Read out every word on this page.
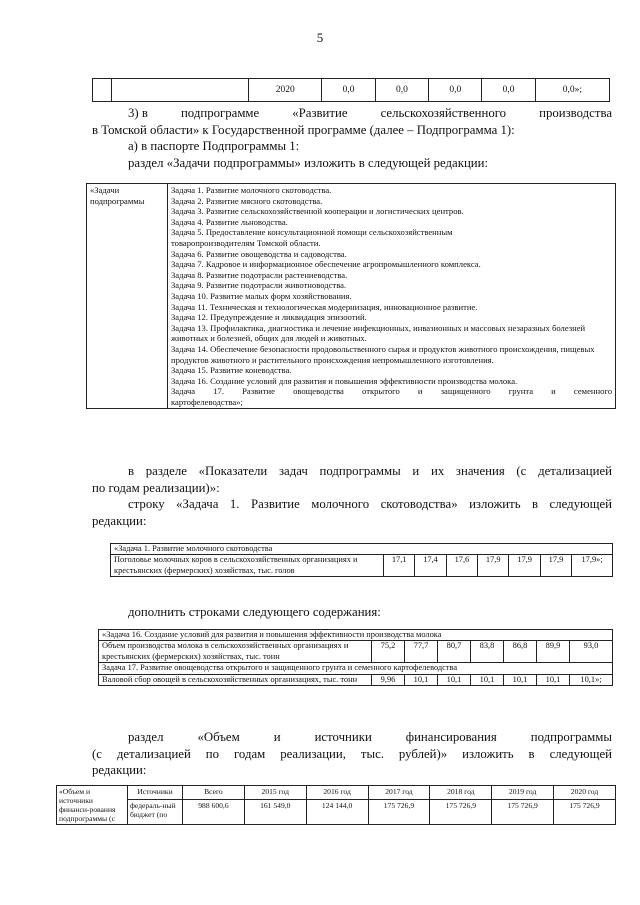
5
		2020	0,0	0,0	0,0	0,0	0,0»;
3) в	подпрограмме	«Развитие	сельскохозяйственного	производства
в Томской области» к Государственной программе (далее – Подпрограмма 1):
а) в паспорте Подпрограммы 1:
раздел «Задачи подпрограммы» изложить в следующей редакции:
«Задачи подпрограммы	
Задача 1. Развитие молочного скотоводства.
Задача 2. Развитие мясного скотоводства.
Задача 3. Развитие сельскохозяйственной кооперации и логистических центров.
Задача 4. Развитие льноводства.
Задача 5. Предоставление консультационной помощи сельскохозяйственным товаропроизводителям Томской области.
Задача 6. Развитие овощеводства и садоводства.
Задача 7. Кадровое и информационное обеспечение агропромышленного комплекса.
Задача 8. Развитие подотрасли растениеводства.
Задача 9. Развитие подотрасли животноводства.
Задача 10. Развитие малых форм хозяйствования.
Задача 11. Техническая и технологическая модернизация, инновационное развитие.
Задача 12. Предупреждение и ликвидация эпизоотий.
Задача 13. Профилактика, диагностика и лечение инфекционных, инвазионных и массовых незаразных болезней животных и болезней, общих для людей и животных.
Задача 14. Обеспечение безопасности продовольственного сырья и продуктов животного происхождения, пищевых продуктов животного и растительного происхождения непромышленного изготовления.
Задача 15. Развитие коневодства.
Задача 16. Создание условий для развития и повышения эффективности производства молока.
Задача 17. Развитие овощеводства открытого и защищенного грунта и семенного
картофелеводства»;
в разделе «Показатели задач подпрограммы и их значения (с детализацией
по годам реализации)»:
строку «Задача 1. Развитие молочного скотоводства» изложить в следующей
редакции:
«Задача 1. Развитие молочного скотоводства
Поголовье молочных коров в сельскохозяйственных организациях и крестьянских (фермерских) хозяйствах, тыс. голов	17,1	17,4	17,6	17,9	17,9	17,9	17,9»;
дополнить строками следующего содержания:
«Задача 16. Создание условий для развития и повышения эффективности производства молока							
Объем производства молока в сельскохозяйственных организациях и крестьянских (фермерских) хозяйствах, тыс. тонн	75,2	77,7	80,7	83,8	86,8	89,9	93,0
Задача 17. Развитие овощеводства открытого и защищенного грунта и семенного картофелеводства							
Валовой сбор овощей в сельскохозяйственных организациях, тыс. тонн	9,96	10,1	10,1	10,1	10,1	10,1	10,1»;
раздел	«Объем	и	источники	финансирования	подпрограммы
(с детализацией по годам реализации, тыс. рублей)» изложить в следующей
редакции:
«Объем и источники финанси-рования подпрограммы (с	Источники	Всего	2015 год	2016 год	2017 год	2018 год	2019 год	2020 год
	федераль-ный бюджет (по	988 600,6	161 549,0	124 144,0	175 726,9	175 726,9	175 726,9	175 726,9
